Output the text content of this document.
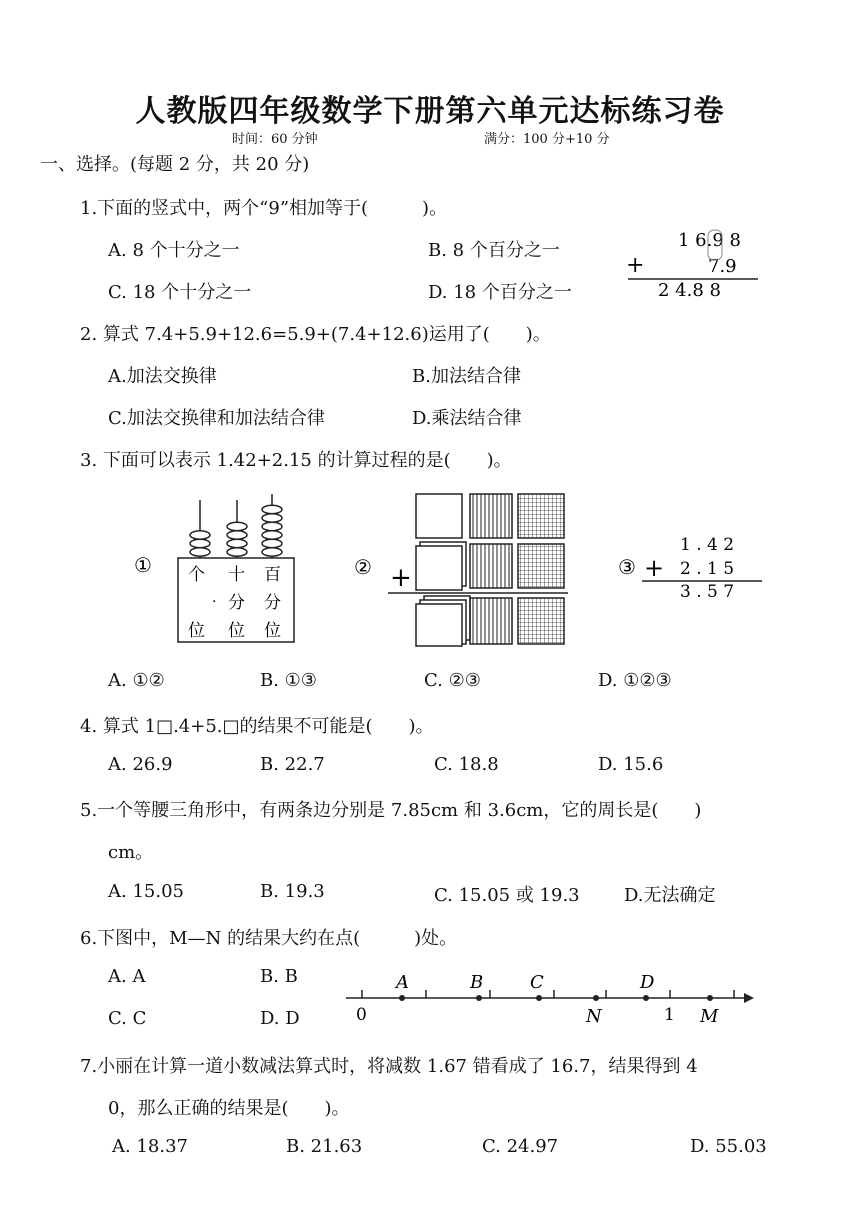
人教版四年级数学下册第六单元达标练习卷
时间：60 分钟	满分：100 分+10 分
一、选择。(每题 2 分，共 20 分)
1.下面的竖式中，两个“9”相加等于(　　　)。
A. 8 个十分之一	B. 8 个百分之一
C. 18 个十分之一	D. 18 个百分之一
1 6.9 8
+	7.9
2 4.8 8
2. 算式 7.4+5.9+12.6=5.9+(7.4+12.6)运用了(　　)。
A.加法交换律	B.加法结合律
C.加法交换律和加法结合律	D.乘法结合律
3. 下面可以表示 1.42+2.15 的计算过程的是(　　)。
① 个 十 百
· 分 分
位 位 位
② +	③
1 . 4 2
+ 2 . 1 5
3 . 5 7
A. ①②	B. ①③	C. ②③	D. ①②③
4. 算式 1□.4+5.□的结果不可能是(　　)。
A. 26.9	B. 22.7	C. 18.8	D. 15.6
5.一个等腰三角形中，有两条边分别是 7.85cm 和 3.6cm，它的周长是(　　)
cm。
A. 15.05	B. 19.3	C. 15.05 或 19.3 D.无法确定
6.下图中，M—N 的结果大约在点(　　　)处。
A. A	B. B
C. C	D. D	0	1
A	B	C	D
N	M
7.小丽在计算一道小数减法算式时，将减数 1.67 错看成了 16.7，结果得到 4
0，那么正确的结果是(　　)。
A. 18.37	B. 21.63	C. 24.97	D. 55.03
